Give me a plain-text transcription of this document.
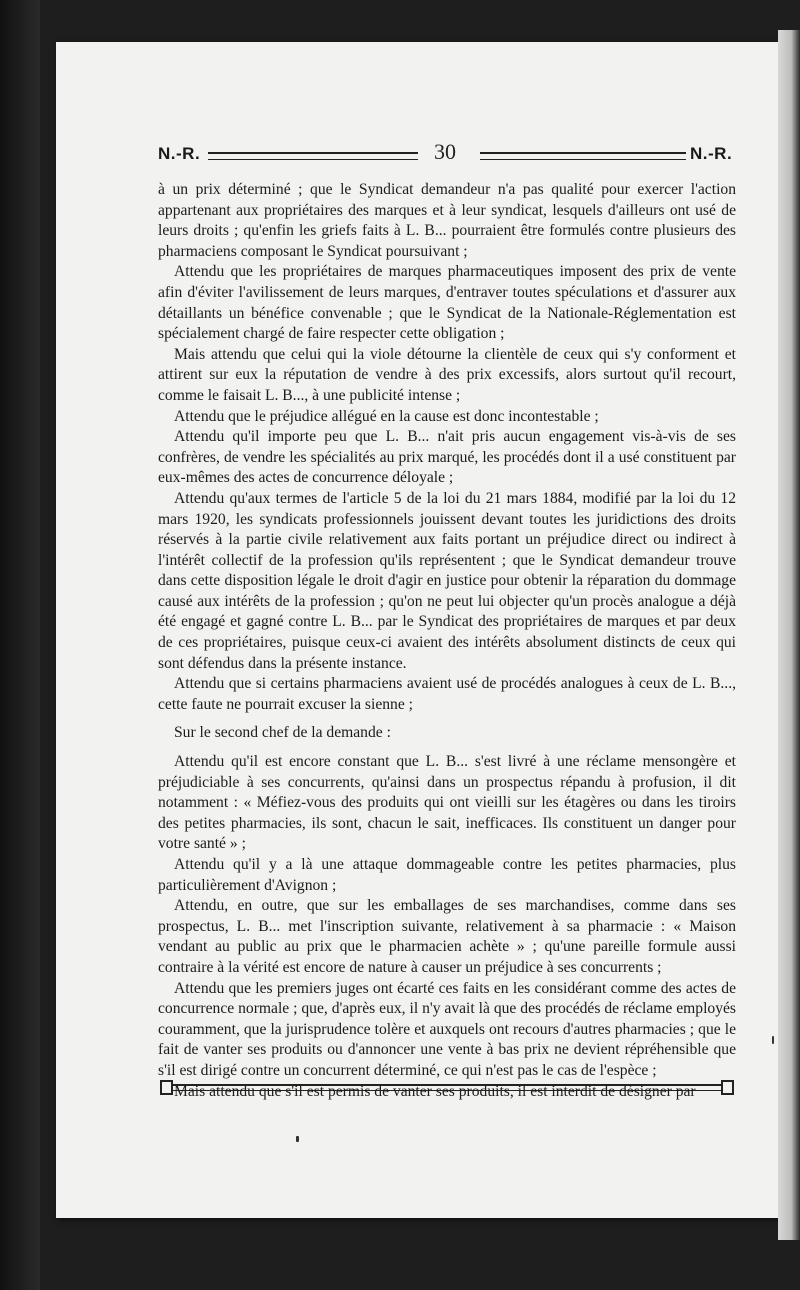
N.-R.	30	N.-R.

à un prix déterminé ; que le Syndicat demandeur n'a pas qualité pour exercer l'action appartenant aux propriétaires des marques et à leur syndicat, lesquels d'ailleurs ont usé de leurs droits ; qu'enfin les griefs faits à L. B... pourraient être formulés contre plusieurs des pharmaciens composant le Syndicat poursuivant ;

Attendu que les propriétaires de marques pharmaceutiques imposent des prix de vente afin d'éviter l'avilissement de leurs marques, d'entraver toutes spéculations et d'assurer aux détaillants un bénéfice convenable ; que le Syndicat de la Nationale-Réglementation est spécialement chargé de faire respecter cette obligation ;

Mais attendu que celui qui la viole détourne la clientèle de ceux qui s'y conforment et attirent sur eux la réputation de vendre à des prix excessifs, alors surtout qu'il recourt, comme le faisait L. B..., à une publicité intense ;

Attendu que le préjudice allégué en la cause est donc incontestable ;

Attendu qu'il importe peu que L. B... n'ait pris aucun engagement vis-à-vis de ses confrères, de vendre les spécialités au prix marqué, les procédés dont il a usé constituent par eux-mêmes des actes de concurrence déloyale ;

Attendu qu'aux termes de l'article 5 de la loi du 21 mars 1884, modifié par la loi du 12 mars 1920, les syndicats professionnels jouissent devant toutes les juridictions des droits réservés à la partie civile relativement aux faits portant un préjudice direct ou indirect à l'intérêt collectif de la profession qu'ils représentent ; que le Syndicat demandeur trouve dans cette disposition légale le droit d'agir en justice pour obtenir la réparation du dommage causé aux intérêts de la profession ; qu'on ne peut lui objecter qu'un procès analogue a déjà été engagé et gagné contre L. B... par le Syndicat des propriétaires de marques et par deux de ces propriétaires, puisque ceux-ci avaient des intérêts absolument distincts de ceux qui sont défendus dans la présente instance.

Attendu que si certains pharmaciens avaient usé de procédés analogues à ceux de L. B..., cette faute ne pourrait excuser la sienne ;

Sur le second chef de la demande :

Attendu qu'il est encore constant que L. B... s'est livré à une réclame mensongère et préjudiciable à ses concurrents, qu'ainsi dans un prospectus répandu à profusion, il dit notamment : « Méfiez-vous des produits qui ont vieilli sur les étagères ou dans les tiroirs des petites pharmacies, ils sont, chacun le sait, inefficaces. Ils constituent un danger pour votre santé » ;

Attendu qu'il y a là une attaque dommageable contre les petites pharmacies, plus particulièrement d'Avignon ;

Attendu, en outre, que sur les emballages de ses marchandises, comme dans ses prospectus, L. B... met l'inscription suivante, relativement à sa pharmacie : « Maison vendant au public au prix que le pharmacien achète » ; qu'une pareille formule aussi contraire à la vérité est encore de nature à causer un préjudice à ses concurrents ;

Attendu que les premiers juges ont écarté ces faits en les considérant comme des actes de concurrence normale ; que, d'après eux, il n'y avait là que des procédés de réclame employés couramment, que la jurisprudence tolère et auxquels ont recours d'autres pharmacies ; que le fait de vanter ses produits ou d'annoncer une vente à bas prix ne devient répréhensible que s'il est dirigé contre un concurrent déterminé, ce qui n'est pas le cas de l'espèce ;

Mais attendu que s'il est permis de vanter ses produits, il est interdit de désigner par
